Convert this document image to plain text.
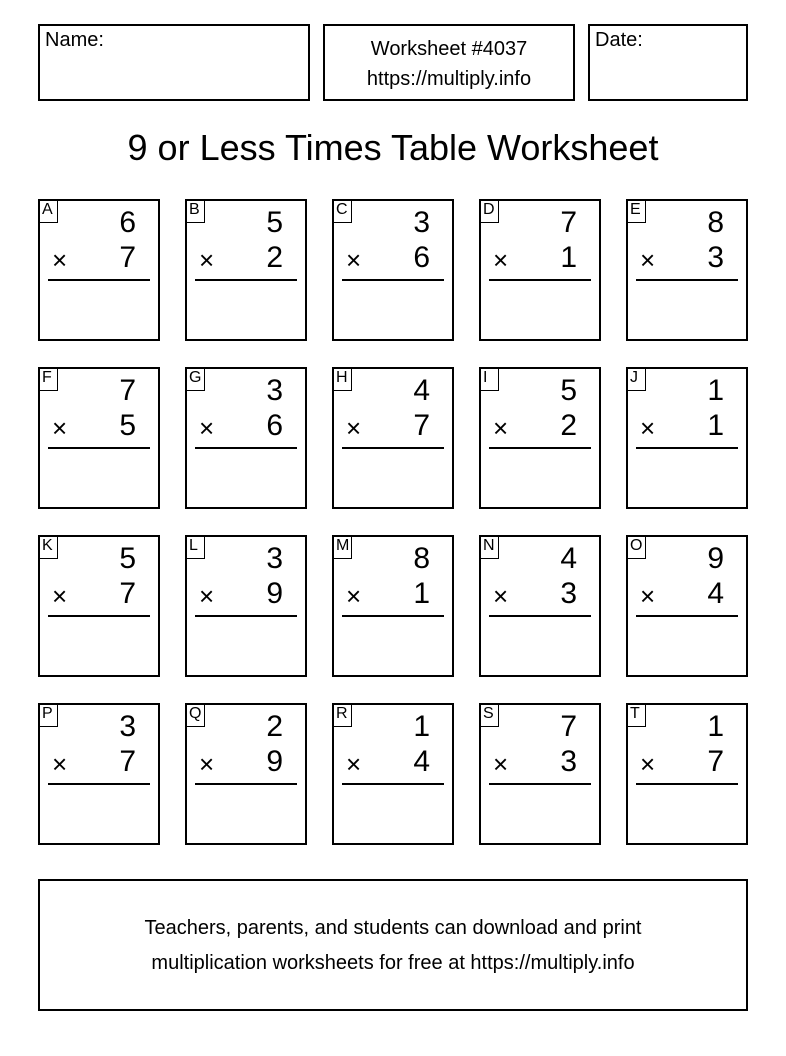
Name:	Worksheet #4037
https://multiply.info
Date:
9 or Less Times Table Worksheet
A 6
× 7
B 5
× 2
C 3
× 6
D 7
× 1
E 8
× 3
F 7
× 5
G 3
× 6
H 4
× 7
I	5
× 2
J 1
× 1
K 5
× 7
L 3
× 9
M 8
× 1
N 4
× 3
O 9
× 4
P 3
× 7
Q 2
× 9
R 1
× 4
S 7
× 3
T 1
× 7
Teachers, parents, and students can download and print
multiplication worksheets for free at https://multiply.info
